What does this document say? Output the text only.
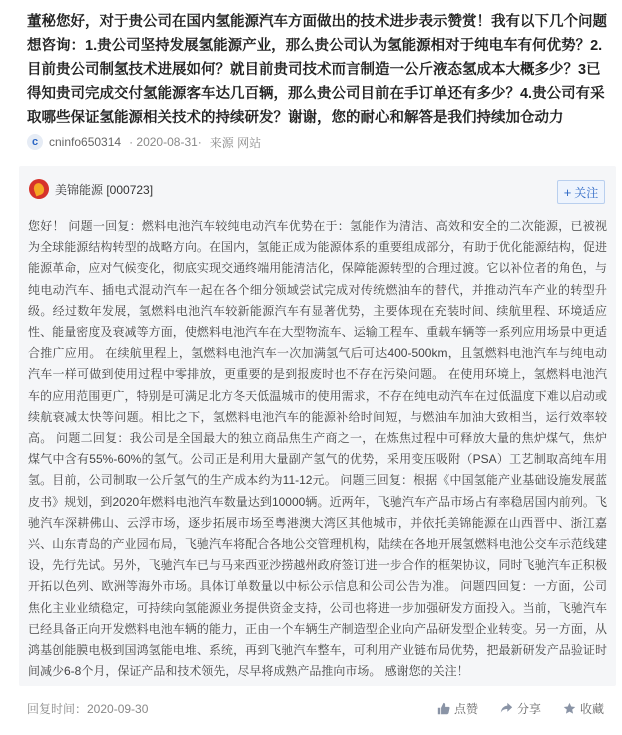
董秘您好，对于贵公司在国内氢能源汽车方面做出的技术进步表示赞赏！我有以下几个问题想咨询：1.贵公司坚持发展氢能源产业，那么贵公司认为氢能源相对于纯电车有何优势？2.目前贵公司制氢技术进展如何？就目前贵司技术而言制造一公斤液态氢成本大概多少？3已得知贵司完成交付氢能源客车达几百辆，那么贵公司目前在手订单还有多少？4.贵公司有采取哪些保证氢能源相关技术的持续研发？谢谢，您的耐心和解答是我们持续加仓动力

c cninfo650314 · 2020-08-31· 来源 网站
美锦能源 [000723]	+ 关注

您好！ 问题一回复：燃料电池汽车较纯电动汽车优势在于：氢能作为清洁、高效和安全的二次能源，已被视为全球能源结构转型的战略方向。在国内，氢能正成为能源体系的重要组成部分，有助于优化能源结构，促进能源革命，应对气候变化，彻底实现交通终端用能清洁化，保障能源转型的合理过渡。它以补位者的角色，与纯电动汽车、插电式混动汽车一起在各个细分领域尝试完成对传统燃油车的替代，并推动汽车产业的转型升级。经过数年发展，氢燃料电池汽车较新能源汽车有显著优势，主要体现在充装时间、续航里程、环境适应性、能量密度及衰减等方面，使燃料电池汽车在大型物流车、运输工程车、重载车辆等一系列应用场景中更适合推广应用。 在续航里程上，氢燃料电池汽车一次加满氢气后可达400-500km，且氢燃料电池汽车与纯电动汽车一样可做到使用过程中零排放，更重要的是到报废时也不存在污染问题。 在使用环境上，氢燃料电池汽车的应用范围更广，特别是可满足北方冬天低温城市的使用需求，不存在纯电动汽车在过低温度下难以启动或续航衰减太快等问题。相比之下，氢燃料电池汽车的能源补给时间短，与燃油车加油大致相当，运行效率较高。 问题二回复：我公司是全国最大的独立商品焦生产商之一，在炼焦过程中可释放大量的焦炉煤气，焦炉煤气中含有55%-60%的氢气。公司正是利用大量副产氢气的优势，采用变压吸附（PSA）工艺制取高纯车用氢。目前，公司制取一公斤氢气的生产成本约为11-12元。 问题三回复：根据《中国氢能产业基础设施发展蓝皮书》规划，到2020年燃料电池汽车数量达到10000辆。近两年，飞驰汽车产品市场占有率稳居国内前列。飞驰汽车深耕佛山、云浮市场，逐步拓展市场至粤港澳大湾区其他城市，并依托美锦能源在山西晋中、浙江嘉兴、山东青岛的产业园布局，飞驰汽车将配合各地公交管理机构，陆续在各地开展氢燃料电池公交车示范线建设，先行先试。另外，飞驰汽车已与马来西亚沙捞越州政府签订进一步合作的框架协议，同时飞驰汽车正积极开拓以色列、欧洲等海外市场。具体订单数量以中标公示信息和公司公告为准。 问题四回复：一方面，公司焦化主业业绩稳定，可持续向氢能源业务提供资金支持，公司也将进一步加强研发方面投入。当前，飞驰汽车已经具备正向开发燃料电池车辆的能力，正由一个车辆生产制造型企业向产品研发型企业转变。另一方面，从鸿基创能膜电极到国鸿氢能电堆、系统，再到飞驰汽车整车，可利用产业链布局优势，把最新研发产品验证时间减少6-8个月，保证产品和技术领先，尽早将成熟产品推向市场。 感谢您的关注！

回复时间：2020-09-30	点赞	分享	收藏
